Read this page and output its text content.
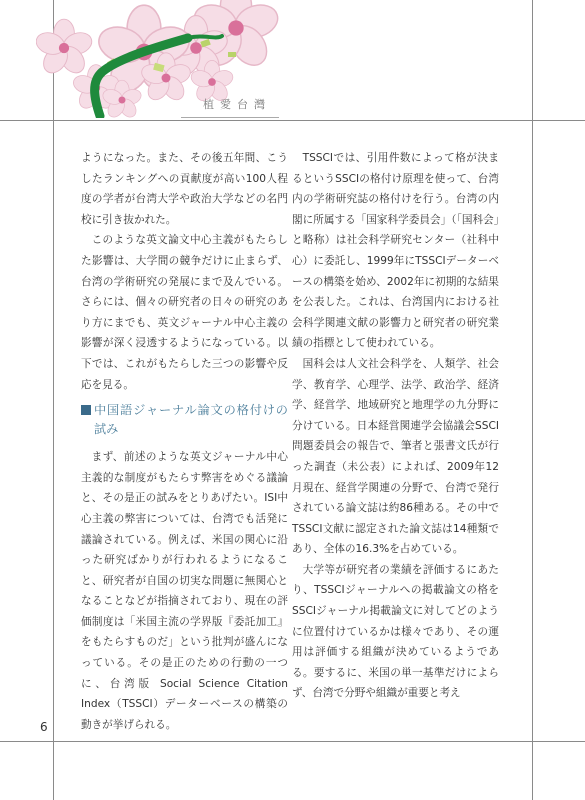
植愛台灣

ようになった。また、その後五年間、こうしたランキングへの貢献度が高い100人程度の学者が台湾大学や政治大学などの名門校に引き抜かれた。

このような英文論文中心主義がもたらした影響は、大学間の競争だけに止まらず、台湾の学術研究の発展にまで及んでいる。さらには、個々の研究者の日々の研究のあり方にまでも、英文ジャーナル中心主義の影響が深く浸透するようになっている。以下では、これがもたらした三つの影響や反応を見る。

中国語ジャーナル論文の格付けの試み

まず、前述のような英文ジャーナル中心主義的な制度がもたらす弊害をめぐる議論と、その是正の試みをとりあげたい。ISI中心主義の弊害については、台湾でも活発に議論されている。例えば、米国の関心に沿った研究ばかりが行われるようになること、研究者が自国の切実な問題に無関心となることなどが指摘されており、現在の評価制度は「米国主流の学界版『委託加工』をもたらすものだ」という批判が盛んになっている。その是正のための行動の一つに、台湾版 Social Science Citation Index（TSSCI）データーベースの構築の動きが挙げられる。

TSSCIでは、引用件数によって格が決まるというSSCIの格付け原理を使って、台湾内の学術研究誌の格付けを行う。台湾の内閣に所属する「国家科学委員会」（「国科会」と略称）は社会科学研究センター（社科中心）に委託し、1999年にTSSCIデーターベースの構築を始め、2002年に初期的な結果を公表した。これは、台湾国内における社会科学関連文献の影響力と研究者の研究業績の指標として使われている。

国科会は人文社会科学を、人類学、社会学、教育学、心理学、法学、政治学、経済学、経営学、地域研究と地理学の九分野に分けている。日本経営関連学会協議会SSCI問題委員会の報告で、筆者と張書文氏が行った調査（未公表）によれば、2009年12月現在、経営学関連の分野で、台湾で発行されている論文誌は約86種ある。その中でTSSCI文献に認定された論文誌は14種類であり、全体の16.3%を占めている。

大学等が研究者の業績を評価するにあたり、TSSCIジャーナルへの掲載論文の格をSSCIジャーナル掲載論文に対してどのように位置付けているかは様々であり、その運用は評価する組織が決めているようである。要するに、米国の単一基準だけによらず、台湾で分野や組織が重要と考え

6
